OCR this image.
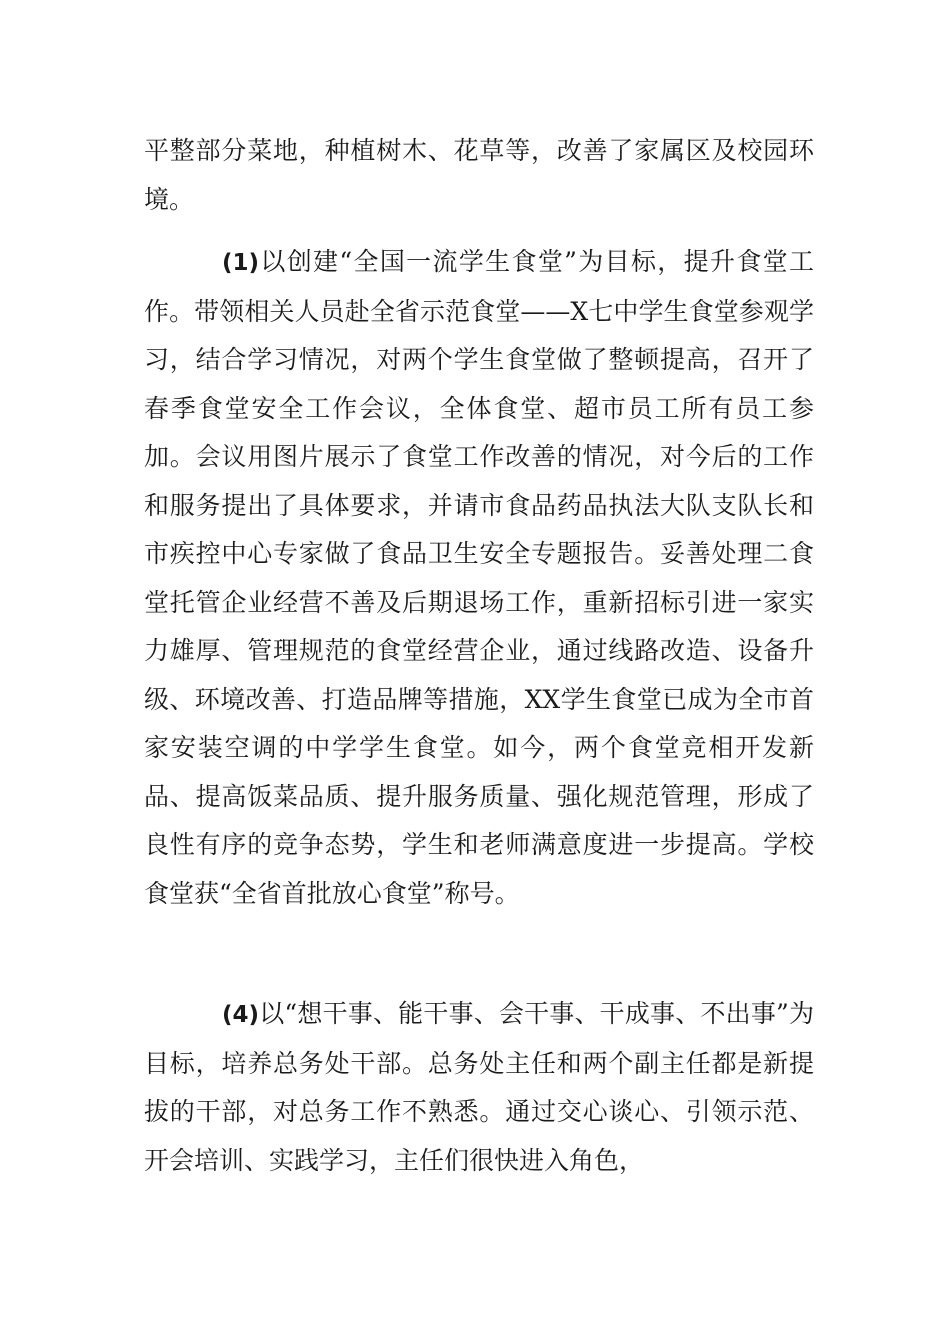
平整部分菜地，种植树木、花草等，改善了家属区及校园环境。

(1)以创建“全国一流学生食堂”为目标，提升食堂工作。带领相关人员赴全省示范食堂——X七中学生食堂参观学习，结合学习情况，对两个学生食堂做了整顿提高，召开了春季食堂安全工作会议，全体食堂、超市员工所有员工参加。会议用图片展示了食堂工作改善的情况，对今后的工作和服务提出了具体要求，并请市食品药品执法大队支队长和市疾控中心专家做了食品卫生安全专题报告。妥善处理二食堂托管企业经营不善及后期退场工作，重新招标引进一家实力雄厚、管理规范的食堂经营企业，通过线路改造、设备升级、环境改善、打造品牌等措施，XX学生食堂已成为全市首家安装空调的中学学生食堂。如今，两个食堂竞相开发新品、提高饭菜品质、提升服务质量、强化规范管理，形成了良性有序的竞争态势，学生和老师满意度进一步提高。学校食堂获“全省首批放心食堂”称号。

(4)以“想干事、能干事、会干事、干成事、不出事”为目标，培养总务处干部。总务处主任和两个副主任都是新提拔的干部，对总务工作不熟悉。通过交心谈心、引领示范、开会培训、实践学习，主任们很快进入角色，
